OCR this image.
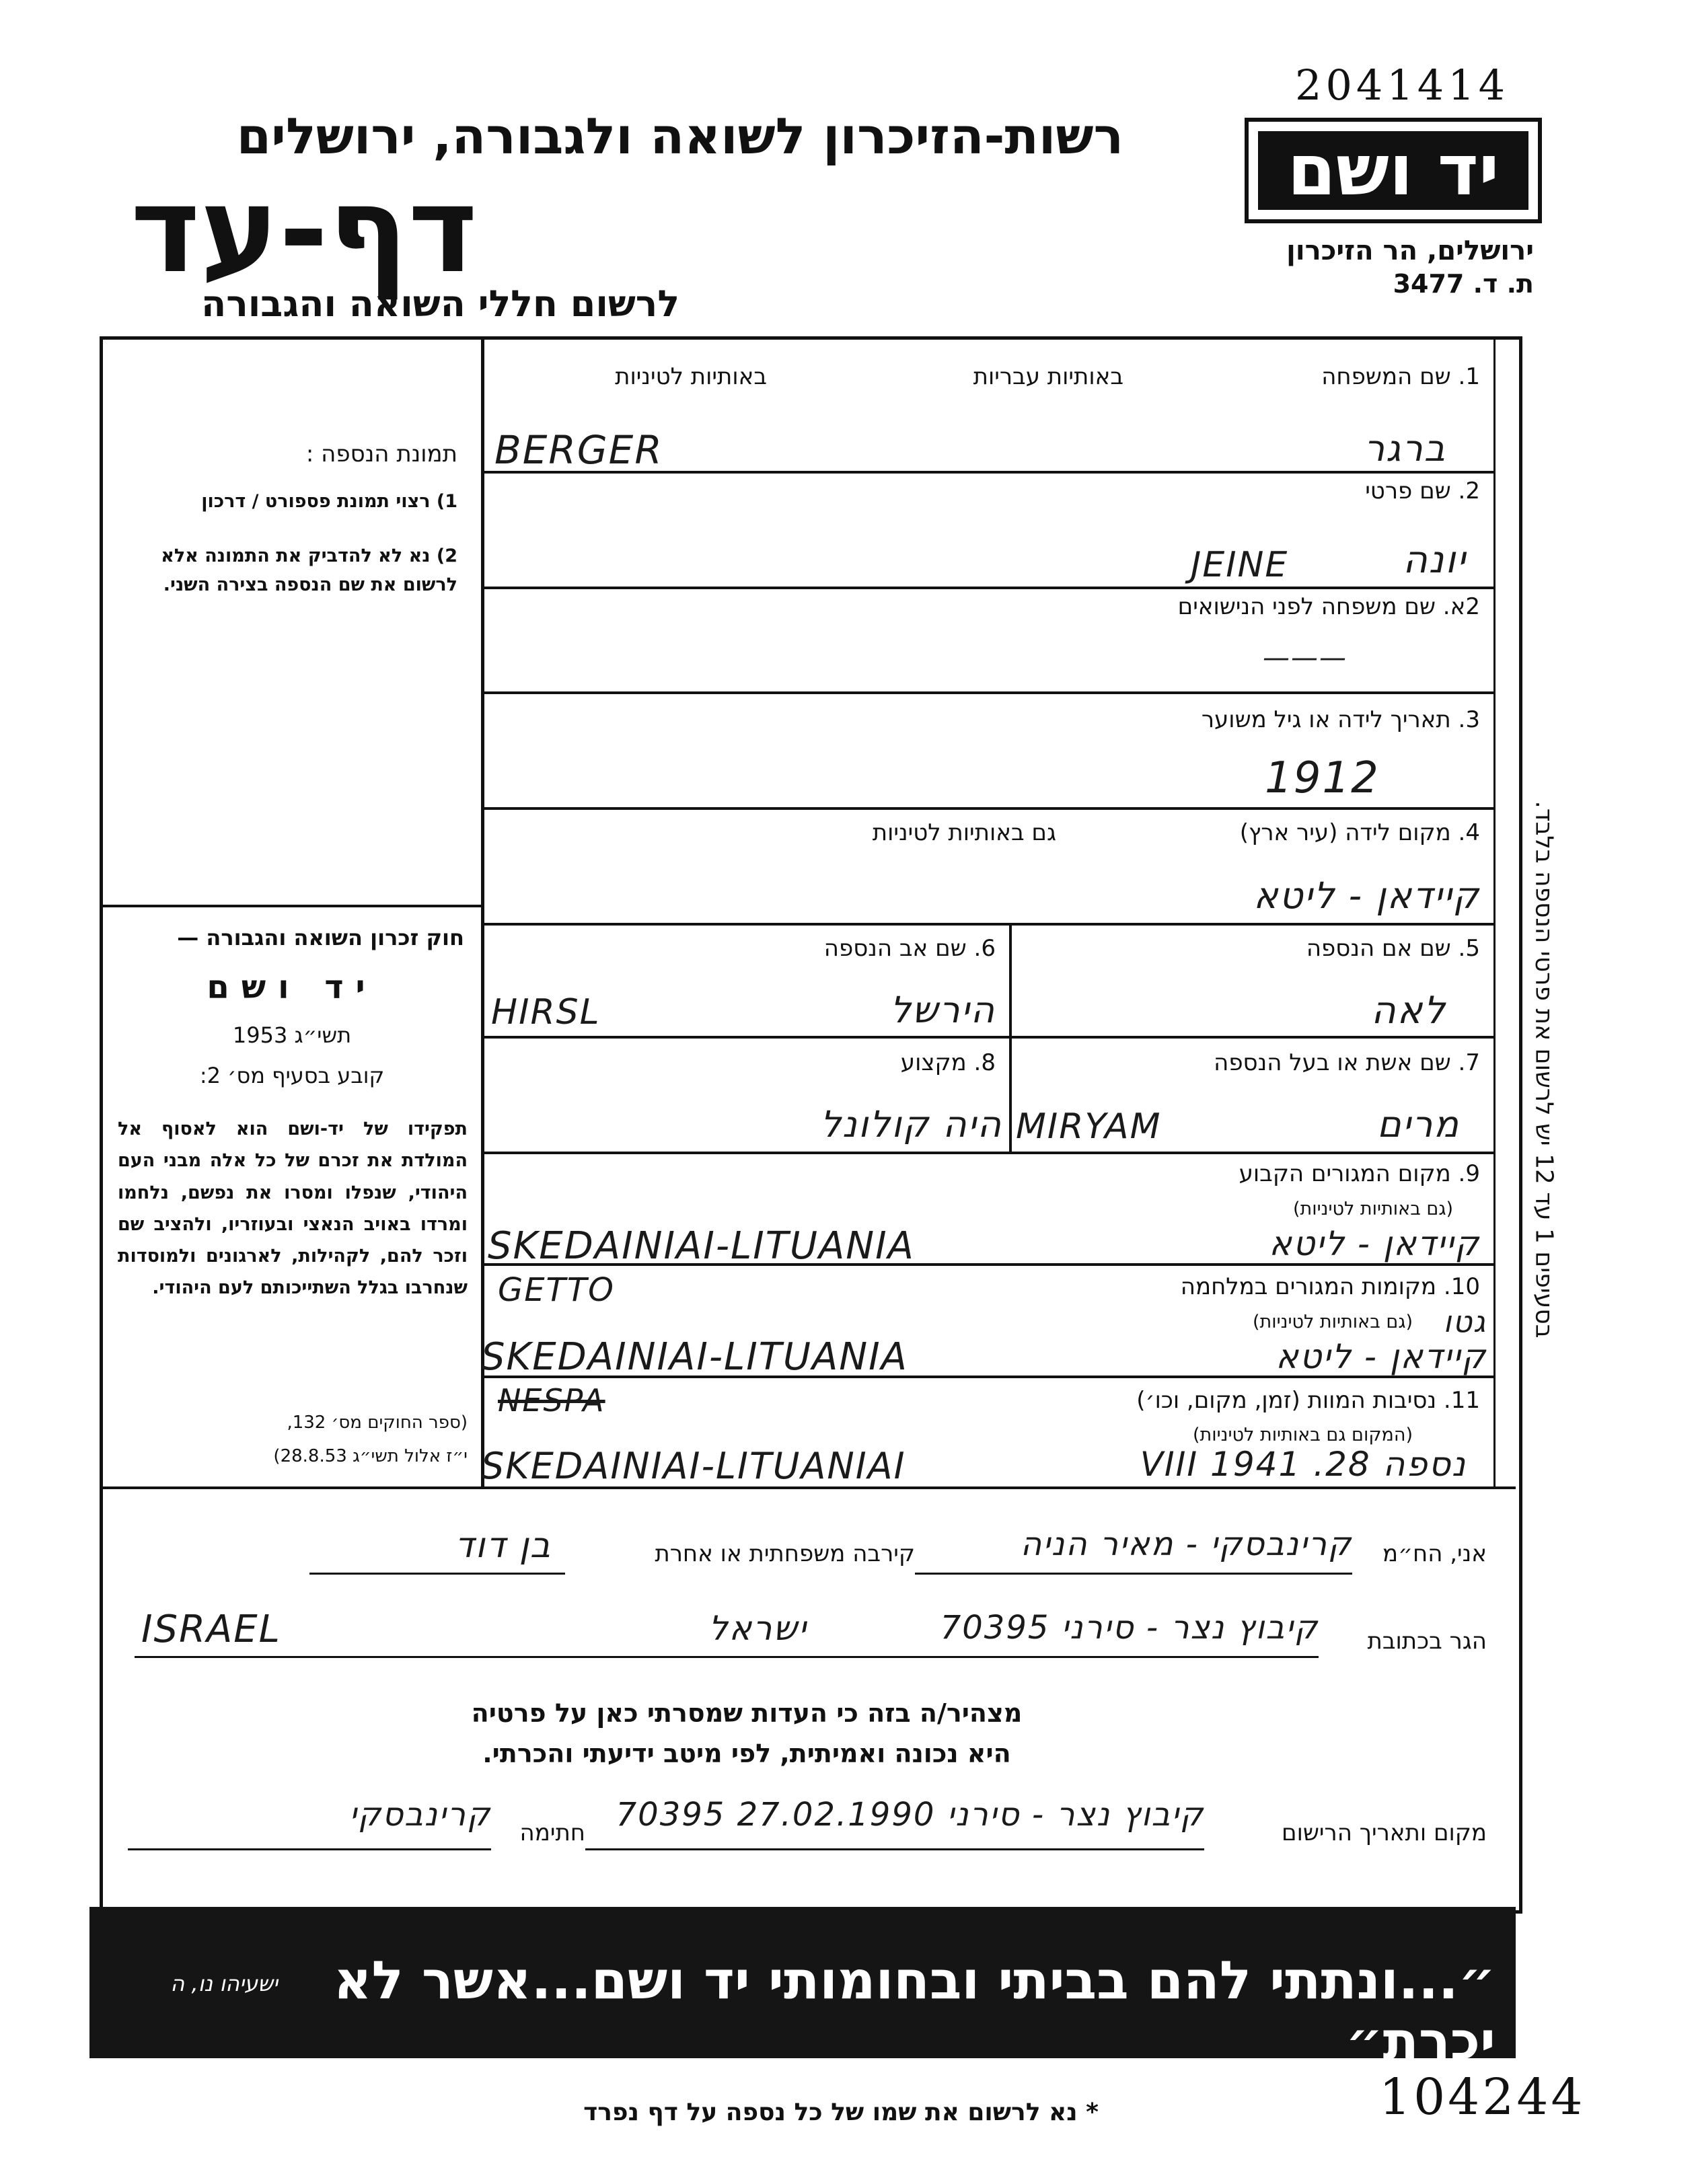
2041414
רשות-הזיכרון לשואה ולגבורה, ירושלים
דף-עד
לרשום חללי השואה והגבורה
יד ושם
ירושלים, הר הזיכרון
ת. ד. 3477
תמונת הנספה :
1) רצוי תמונת פספורט / דרכון
2) נא לא להדביק את התמונה אלא לרשום את שם הנספה בצירה השני.
חוק זכרון השואה והגבורה —
יד ושם
תשי״ג 1953
קובע בסעיף מס׳ 2:
תפקידו של יד-ושם הוא לאסוף אל המולדת את זכרם של כל אלה מבני העם היהודי, שנפלו ומסרו את נפשם, נלחמו ומרדו באויב הנאצי ובעוזריו, ולהציב שם וזכר להם, לקהילות, לארגונים ולמוסדות שנחרבו בגלל השתייכותם לעם היהודי.
(ספר החוקים מס׳ 132,
י״ז אלול תשי״ג 28.8.53)
בסעיפים 1 עד 12 יש לרשום את פרטי הנספה בלבד.
1. שם המשפחה
באותיות עבריות
באותיות לטיניות
ברגר
BERGER
2. שם פרטי
יונה
JEINE
2א. שם משפחה לפני הנישואים
———
3. תאריך לידה או גיל משוער
1912
4. מקום לידה (עיר ארץ)
גם באותיות לטיניות
קיידאן - ליטא
5. שם אם הנספה
לאה
6. שם אב הנספה
הירשל
HIRSL
7. שם אשת או בעל הנספה
מרים
MIRYAM
8. מקצוע
היה קולונל
9. מקום המגורים הקבוע
(גם באותיות לטיניות)
קיידאן - ליטא
SKEDAINIAI-LITUANIA
10. מקומות המגורים במלחמה
(גם באותיות לטיניות)	גטו
GETTO
קיידאן - ליטא
SKEDAINIAI-LITUANIA
11. נסיבות המוות (זמן, מקום, וכו׳)
(המקום גם באותיות לטיניות)
NESPA
נספה 28. VIII 1941
SKEDAINIAI-LITUANIAI
אני, הח״מ
קרינבסקי - מאיר הניה
קירבה משפחתית או אחרת
בן דוד
הגר בכתובת
קיבוץ נצר - סירני 70395
ישראל
ISRAEL
מצהיר/ה בזה כי העדות שמסרתי כאן על פרטיה
היא נכונה ואמיתית, לפי מיטב ידיעתי והכרתי.
מקום ותאריך הרישום
קיבוץ נצר - סירני 27.02.1990 70395
חתימה
קרינבסקי
״...ונתתי להם בביתי ובחומותי יד ושם...אשר לא יכרת״
ישעיהו נו, ה
* נא לרשום את שמו של כל נספה על דף נפרד	104244
